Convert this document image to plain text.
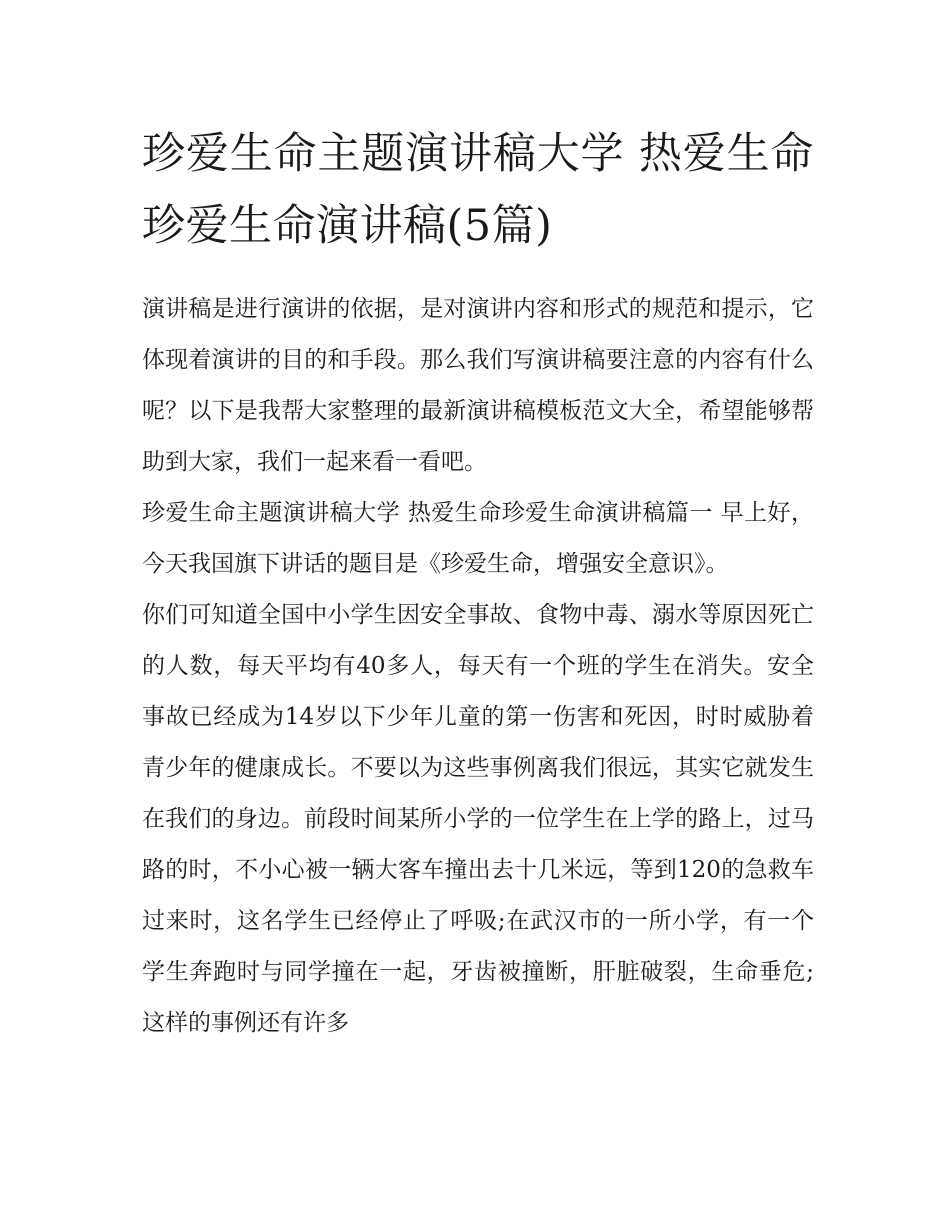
珍爱生命主题演讲稿大学 热爱生命珍爱生命演讲稿(5篇)

演讲稿是进行演讲的依据，是对演讲内容和形式的规范和提示，它体现着演讲的目的和手段。那么我们写演讲稿要注意的内容有什么呢？以下是我帮大家整理的最新演讲稿模板范文大全，希望能够帮助到大家，我们一起来看一看吧。

珍爱生命主题演讲稿大学 热爱生命珍爱生命演讲稿篇一 早上好，今天我国旗下讲话的题目是《珍爱生命，增强安全意识》。

你们可知道全国中小学生因安全事故、食物中毒、溺水等原因死亡的人数，每天平均有40多人，每天有一个班的学生在消失。安全事故已经成为14岁以下少年儿童的第一伤害和死因，时时威胁着青少年的健康成长。不要以为这些事例离我们很远，其实它就发生在我们的身边。前段时间某所小学的一位学生在上学的路上，过马路的时，不小心被一辆大客车撞出去十几米远，等到120的急救车过来时，这名学生已经停止了呼吸;在武汉市的一所小学，有一个学生奔跑时与同学撞在一起，牙齿被撞断，肝脏破裂，生命垂危;这样的事例还有许多
